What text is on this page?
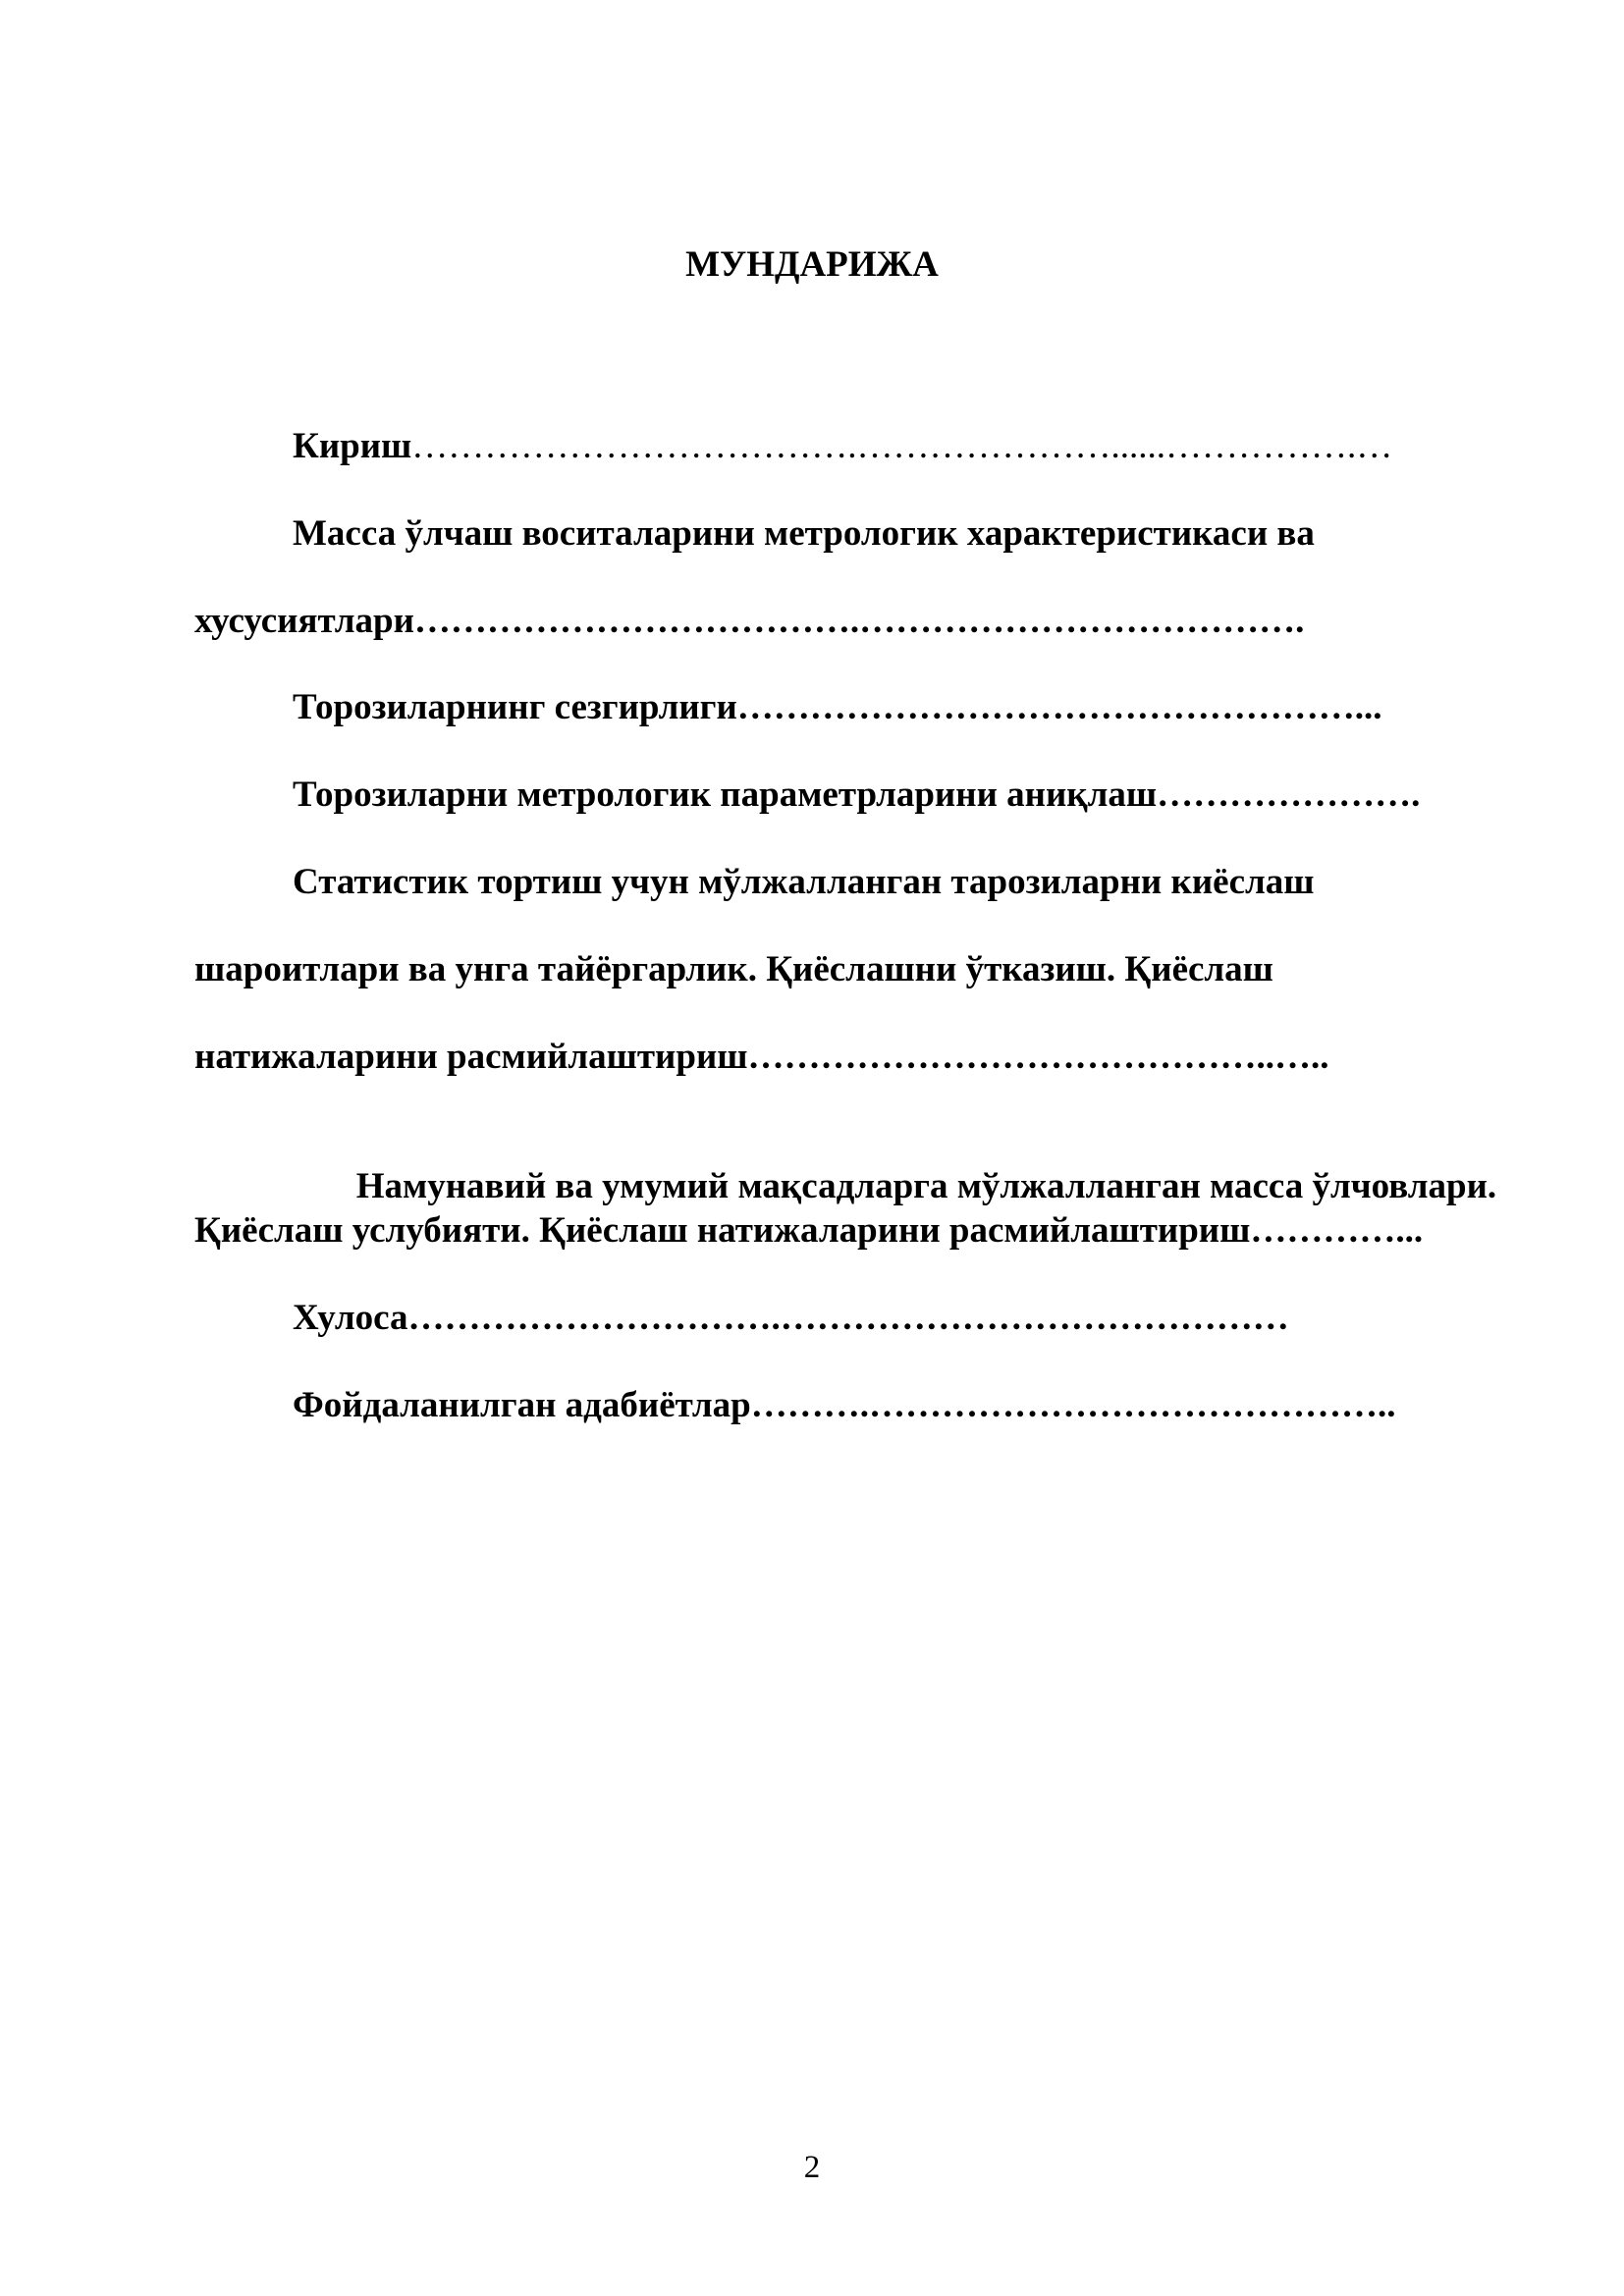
МУНДАРИЖА
Кириш……………………………….…………………......…………….…
Масса ўлчаш воситаларини метрологик характеристикаси ва
хусусиятлари……………………………….……………………………….
Торозиларнинг сезгирлиги……………………………………………...
Торозиларни метрологик параметрларини аниқлаш………………….
Статистик тортиш учун мўлжалланган тарозиларни киёслаш
шароитлари ва унга тайёргарлик. Қиёслашни ўтказиш. Қиёслаш
натижаларини расмийлаштириш……………………………………..…..

Намунавий ва умумий мақсадларга мўлжалланган масса ўлчовлари.

Қиёслаш услубияти. Қиёслаш натижаларини расмийлаштириш…………...
Хулоса………………………….……………………………………
Фойдаланилган адабиётлар……….……………………………………..
2
